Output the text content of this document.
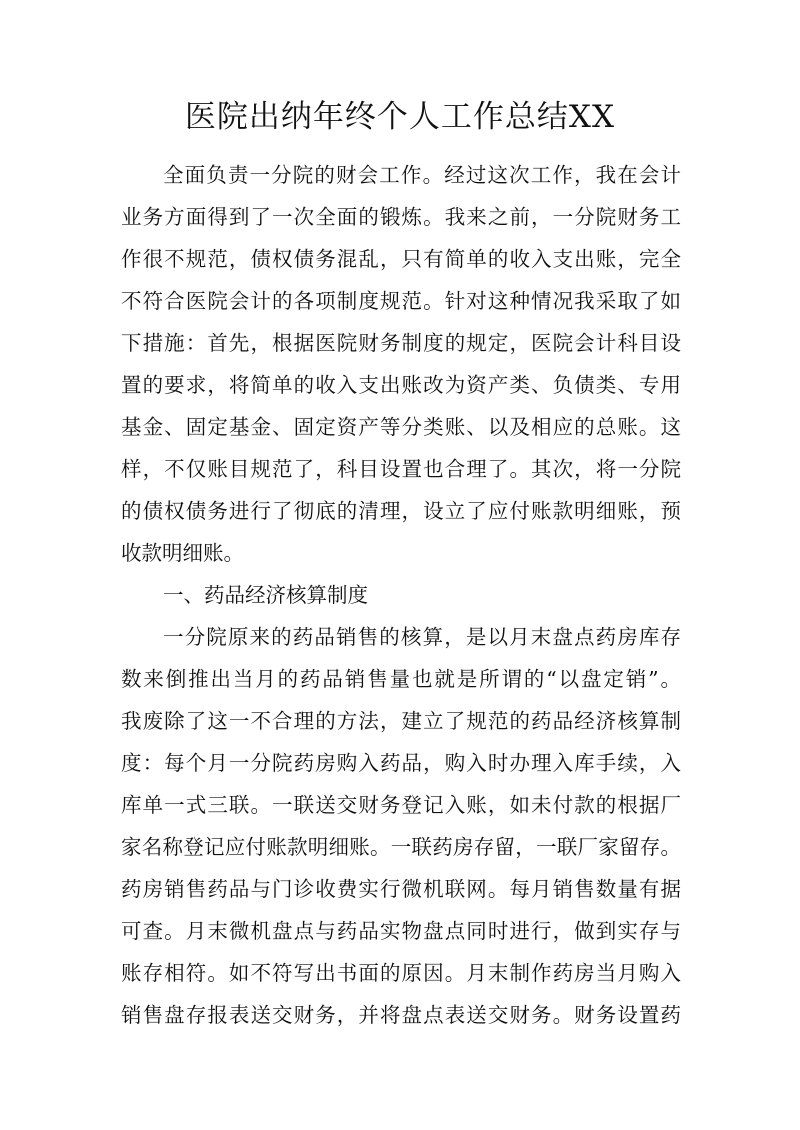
医院出纳年终个人工作总结XX
全面负责一分院的财会工作。经过这次工作，我在会计
业务方面得到了一次全面的锻炼。我来之前，一分院财务工
作很不规范，债权债务混乱，只有简单的收入支出账，完全
不符合医院会计的各项制度规范。针对这种情况我采取了如
下措施：首先，根据医院财务制度的规定，医院会计科目设
置的要求，将简单的收入支出账改为资产类、负债类、专用
基金、固定基金、固定资产等分类账、以及相应的总账。这
样，不仅账目规范了，科目设置也合理了。其次，将一分院
的债权债务进行了彻底的清理，设立了应付账款明细账，预
收款明细账。
一、药品经济核算制度
一分院原来的药品销售的核算，是以月末盘点药房库存
数来倒推出当月的药品销售量也就是所谓的“以盘定销”。
我废除了这一不合理的方法，建立了规范的药品经济核算制
度：每个月一分院药房购入药品，购入时办理入库手续，入
库单一式三联。一联送交财务登记入账，如未付款的根据厂
家名称登记应付账款明细账。一联药房存留，一联厂家留存。
药房销售药品与门诊收费实行微机联网。每月销售数量有据
可查。月末微机盘点与药品实物盘点同时进行，做到实存与
账存相符。如不符写出书面的原因。月末制作药房当月购入
销售盘存报表送交财务，并将盘点表送交财务。财务设置药
